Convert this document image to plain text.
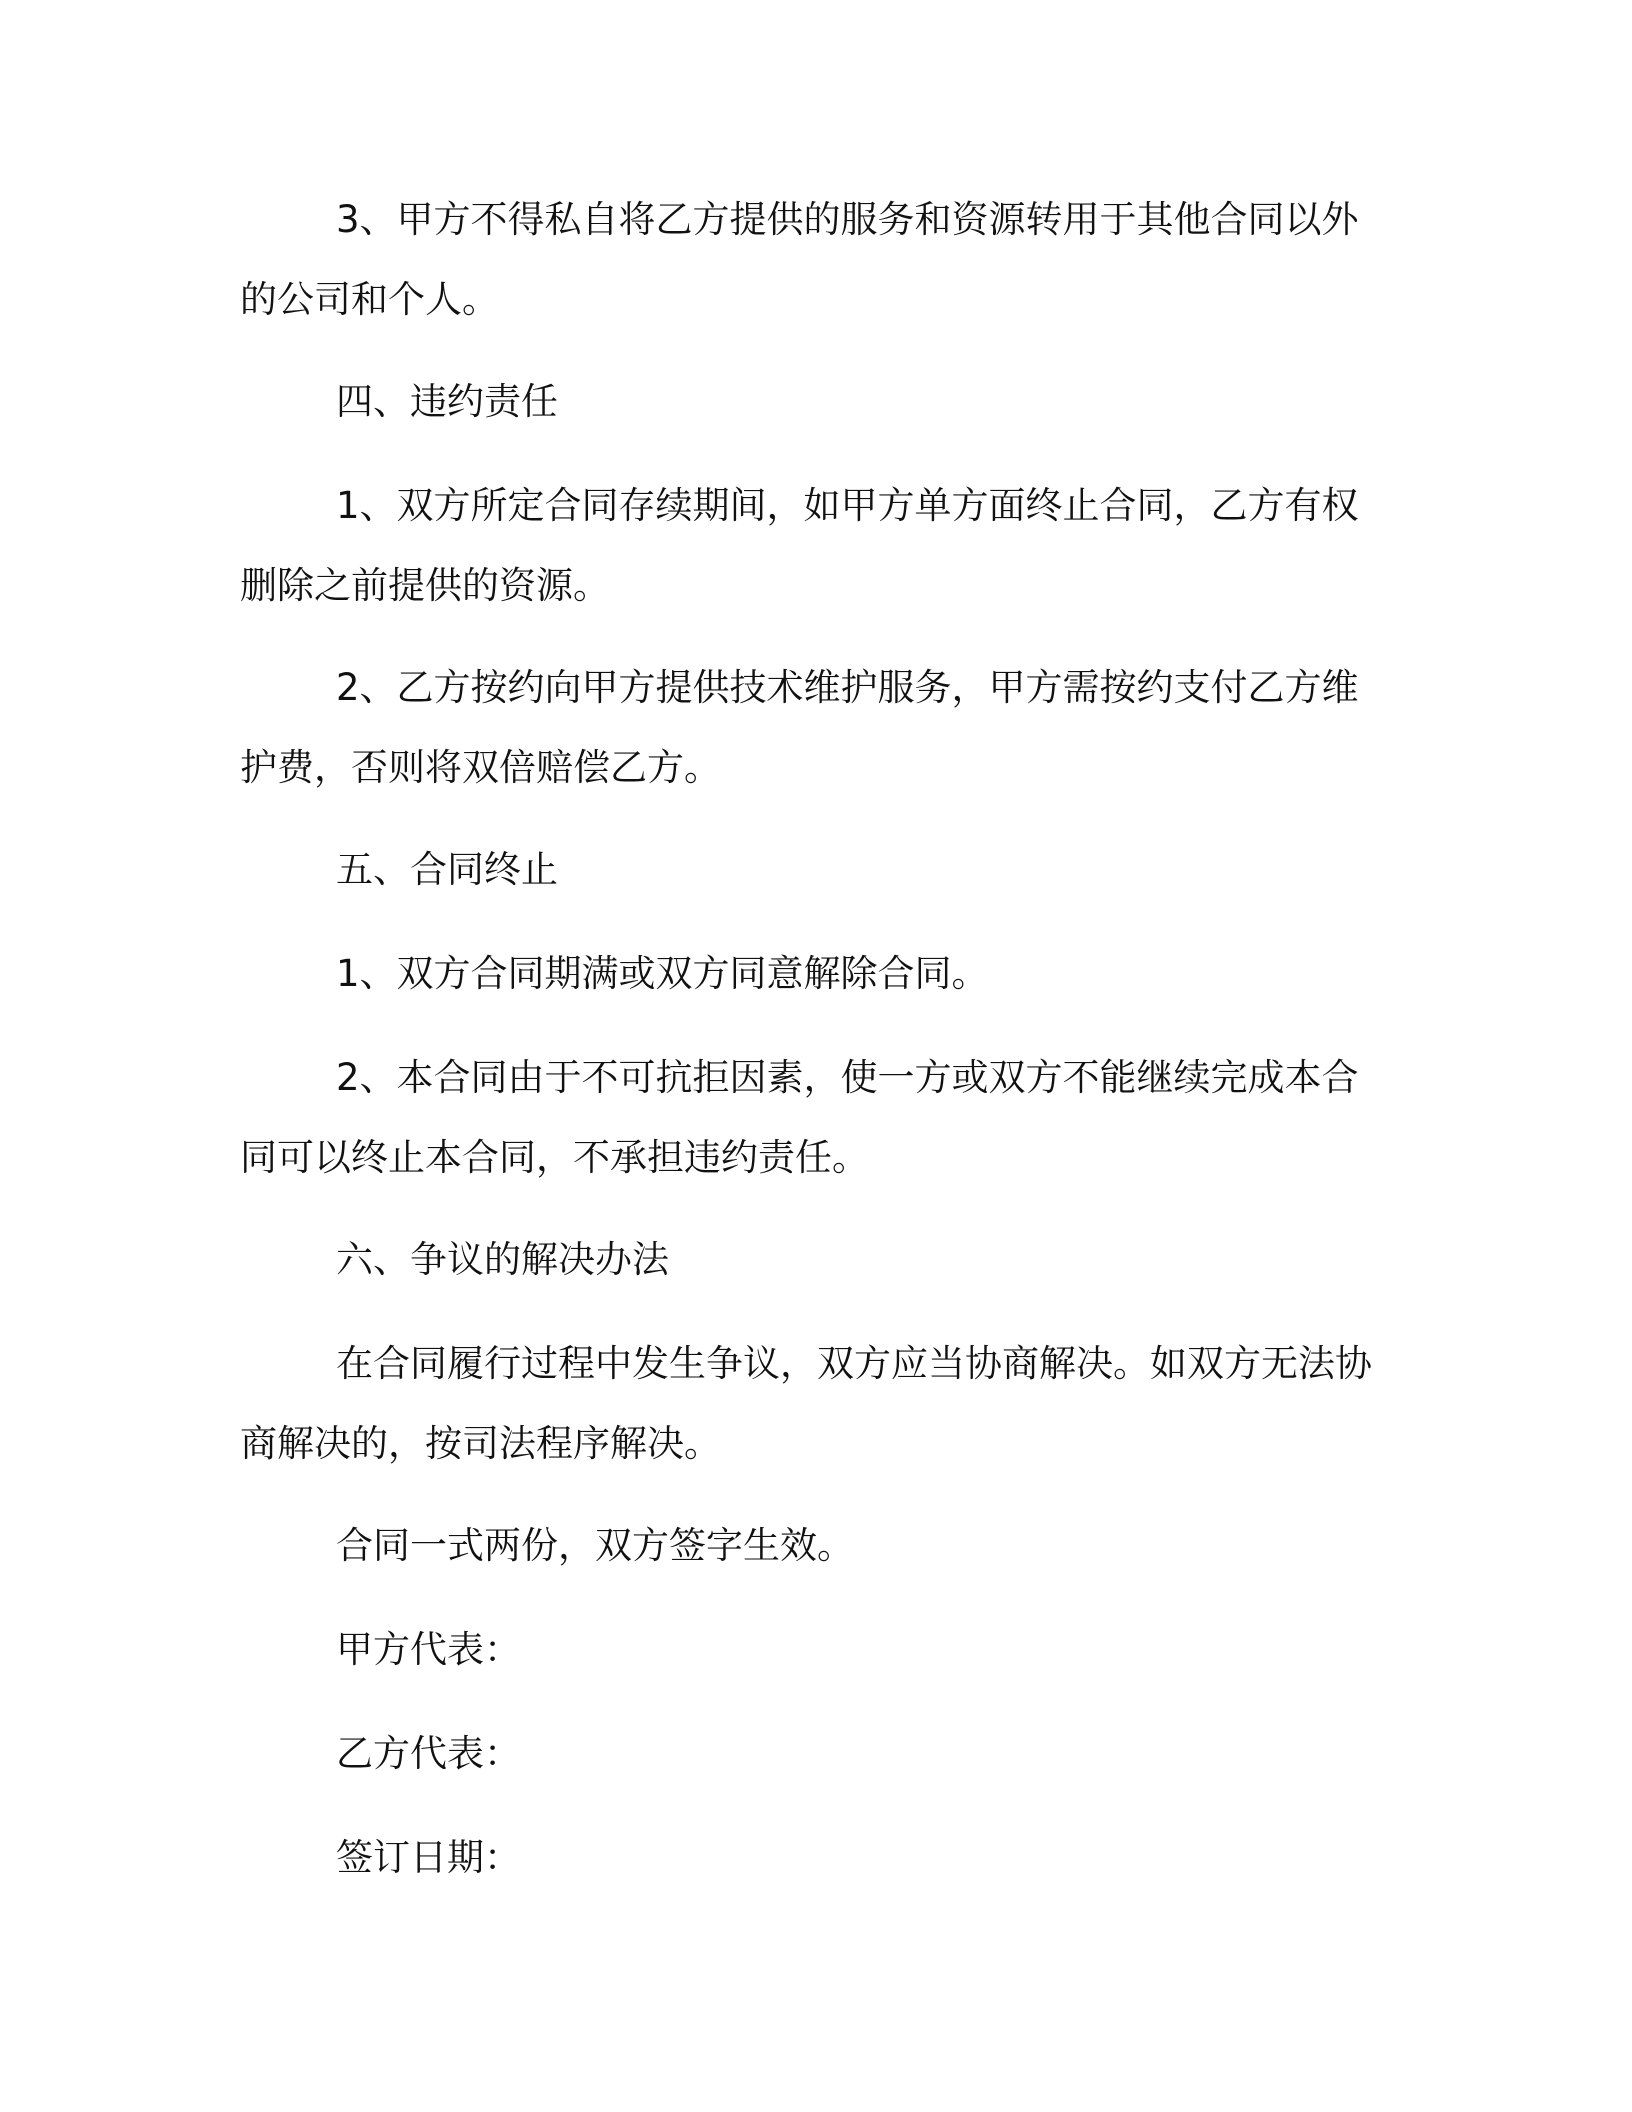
3、甲方不得私自将乙方提供的服务和资源转用于其他合同以外的公司和个人。

四、违约责任

1、双方所定合同存续期间，如甲方单方面终止合同，乙方有权删除之前提供的资源。

2、乙方按约向甲方提供技术维护服务，甲方需按约支付乙方维护费，否则将双倍赔偿乙方。

五、合同终止

1、双方合同期满或双方同意解除合同。

2、本合同由于不可抗拒因素，使一方或双方不能继续完成本合同可以终止本合同，不承担违约责任。

六、争议的解决办法

在合同履行过程中发生争议，双方应当协商解决。如双方无法协商解决的，按司法程序解决。

合同一式两份，双方签字生效。

甲方代表：

乙方代表：

签订日期：
